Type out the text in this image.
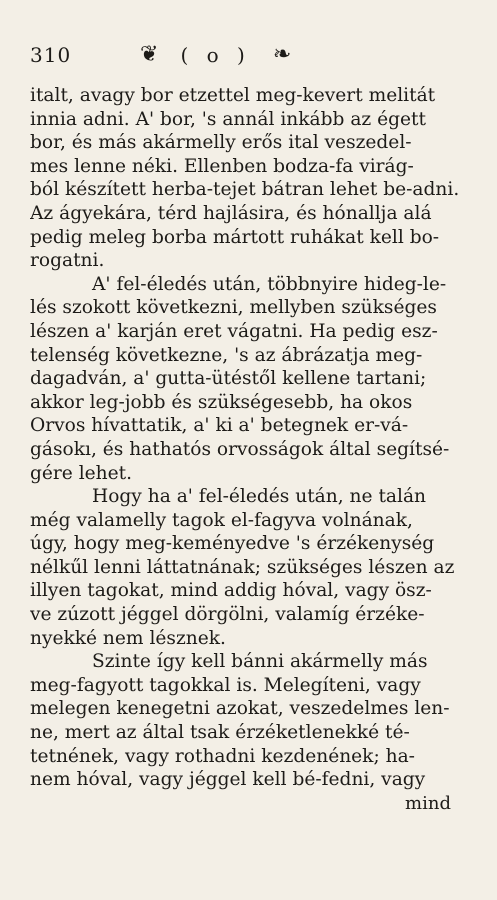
310	❦ ( o ) ❧
italt, avagy bor etzettel meg-kevert melitát
innia adni. A' bor, 's annál inkább az égett
bor, és más akármelly erős ital veszedel-
mes lenne néki. Ellenben bodza-fa virág-
ból készített herba-tejet bátran lehet be-adni.
Az ágyekára, térd hajlásira, és hónallja alá
pedig meleg borba mártott ruhákat kell bo-
rogatni.
A' fel-éledés után, többnyire hideg-le-
lés szokott következni, mellyben szükséges
lészen a' karján eret vágatni. Ha pedig esz-
telenség következne, 's az ábrázatja meg-
dagadván, a' gutta-ütéstől kellene tartani;
akkor leg-jobb és szükségesebb, ha okos
Orvos hívattatik, a' ki a' betegnek er-vá-
gásokı, és hathatós orvosságok által segítsé-
gére lehet.
Hogy ha a' fel-éledés után, ne talán
még valamelly tagok el-fagyva volnának,
úgy, hogy meg-keményedve 's érzékenység
nélkűl lenni láttatnának; szükséges lészen az
illyen tagokat, mind addig hóval, vagy ösz-
ve zúzott jéggel dörgölni, valamíg érzéke-
nyekké nem lésznek.
Szinte így kell bánni akármelly más
meg-fagyott tagokkal is. Melegíteni, vagy
melegen kenegetni azokat, veszedelmes len-
ne, mert az által tsak érzéketlenekké té-
tetnének, vagy rothadni kezdenének; ha-
nem hóval, vagy jéggel kell bé-fedni, vagy
mind
